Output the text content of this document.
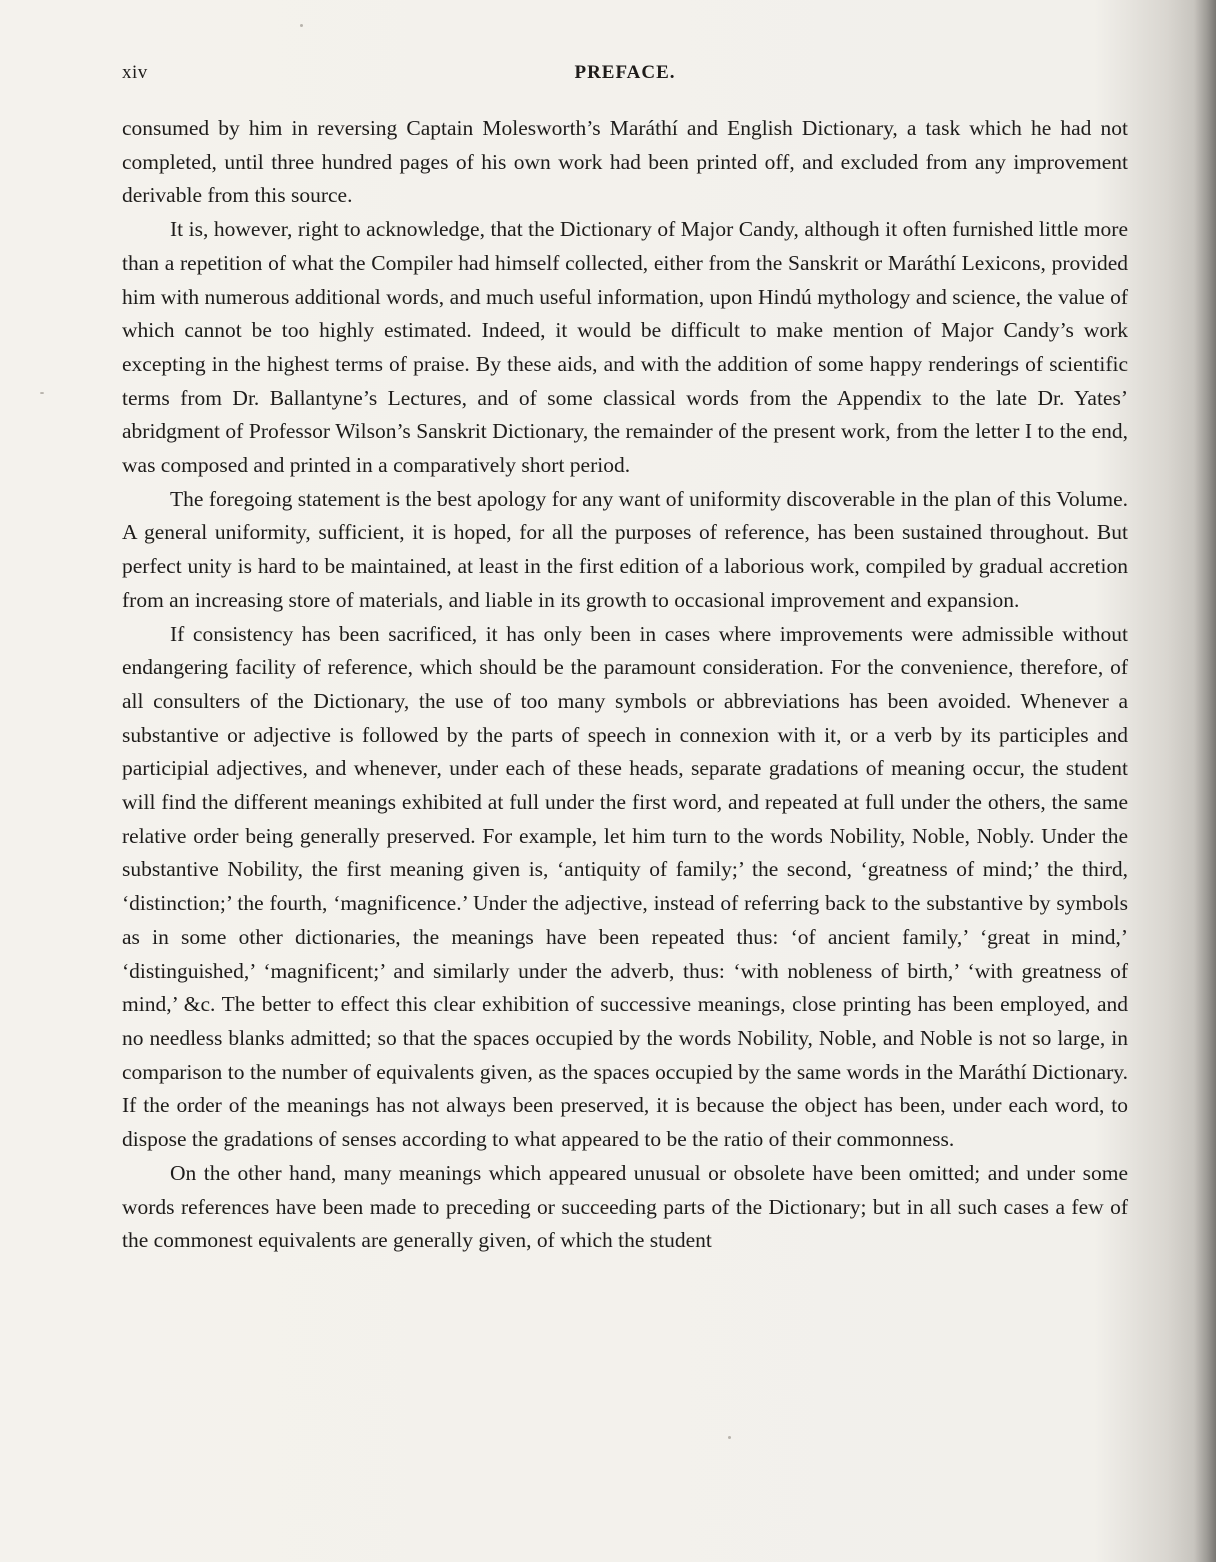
xiv	PREFACE.

consumed by him in reversing Captain Molesworth’s Maráthí and English Dictionary, a task which he had not completed, until three hundred pages of his own work had been printed off, and excluded from any improvement derivable from this source.

It is, however, right to acknowledge, that the Dictionary of Major Candy, although it often furnished little more than a repetition of what the Compiler had himself collected, either from the Sanskrit or Maráthí Lexicons, provided him with numerous additional words, and much useful information, upon Hindú mythology and science, the value of which cannot be too highly estimated. Indeed, it would be difficult to make mention of Major Candy’s work excepting in the highest terms of praise. By these aids, and with the addition of some happy renderings of scientific terms from Dr. Ballantyne’s Lectures, and of some classical words from the Appendix to the late Dr. Yates’ abridgment of Professor Wilson’s Sanskrit Dictionary, the remainder of the present work, from the letter I to the end, was composed and printed in a comparatively short period.

The foregoing statement is the best apology for any want of uniformity discoverable in the plan of this Volume. A general uniformity, sufficient, it is hoped, for all the purposes of reference, has been sustained throughout. But perfect unity is hard to be maintained, at least in the first edition of a laborious work, compiled by gradual accretion from an increasing store of materials, and liable in its growth to occasional improvement and expansion.

If consistency has been sacrificed, it has only been in cases where improvements were admissible without endangering facility of reference, which should be the paramount consideration. For the convenience, therefore, of all consulters of the Dictionary, the use of too many symbols or abbreviations has been avoided. Whenever a substantive or adjective is followed by the parts of speech in connexion with it, or a verb by its participles and participial adjectives, and whenever, under each of these heads, separate gradations of meaning occur, the student will find the different meanings exhibited at full under the first word, and repeated at full under the others, the same relative order being generally preserved. For example, let him turn to the words Nobility, Noble, Nobly. Under the substantive Nobility, the first meaning given is, ‘antiquity of family;’ the second, ‘greatness of mind;’ the third, ‘distinction;’ the fourth, ‘magnificence.’ Under the adjective, instead of referring back to the substantive by symbols as in some other dictionaries, the meanings have been repeated thus: ‘of ancient family,’ ‘great in mind,’ ‘distinguished,’ ‘magnificent;’ and similarly under the adverb, thus: ‘with nobleness of birth,’ ‘with greatness of mind,’ &c. The better to effect this clear exhibition of successive meanings, close printing has been employed, and no needless blanks admitted; so that the spaces occupied by the words Nobility, Noble, and Noble is not so large, in comparison to the number of equivalents given, as the spaces occupied by the same words in the Maráthí Dictionary. If the order of the meanings has not always been preserved, it is because the object has been, under each word, to dispose the gradations of senses according to what appeared to be the ratio of their commonness.

On the other hand, many meanings which appeared unusual or obsolete have been omitted; and under some words references have been made to preceding or succeeding parts of the Dictionary; but in all such cases a few of the commonest equivalents are generally given, of which the student
